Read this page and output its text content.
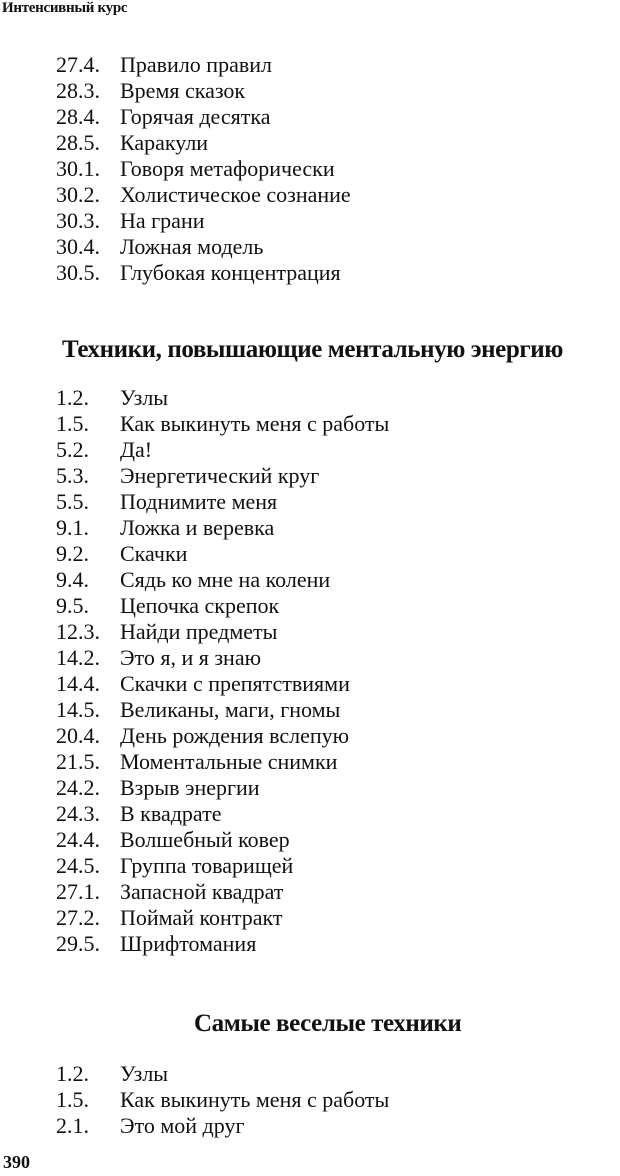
Интенсивный курс
27.4. Правило правил
28.3. Время сказок
28.4. Горячая десятка
28.5. Каракули
30.1. Говоря метафорически
30.2. Холистическое сознание
30.3. На грани
30.4. Ложная модель
30.5. Глубокая концентрация
Техники, повышающие ментальную энергию
1.2.	Узлы
1.5.	Как выкинуть меня с работы
5.2.	Да!
5.3.	Энергетический круг
5.5.	Поднимите меня
9.1.	Ложка и веревка
9.2.	Скачки
9.4.	Сядь ко мне на колени
9.5.	Цепочка скрепок
12.3. Найди предметы
14.2. Это я, и я знаю
14.4. Скачки с препятствиями
14.5. Великаны, маги, гномы
20.4. День рождения вслепую
21.5. Моментальные снимки
24.2. Взрыв энергии
24.3. В квадрате
24.4. Волшебный ковер
24.5. Группа товарищей
27.1. Запасной квадрат
27.2. Поймай контракт
29.5. Шрифтомания
Самые веселые техники
1.2.	Узлы
1.5.	Как выкинуть меня с работы
2.1.	Это мой друг
390
